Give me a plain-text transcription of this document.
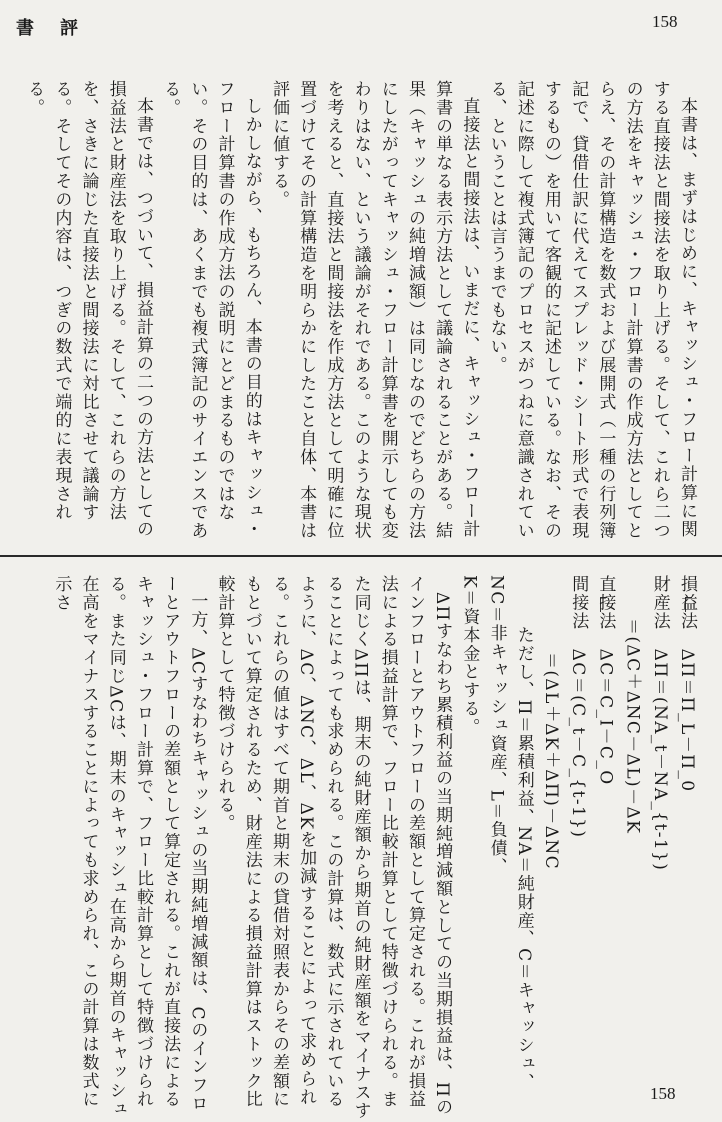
書評	158

本書は、まずはじめに、キャッシュ・フロー計算に関する直接法と間接法を取り上げる。そして、これら二つの方法をキャッシュ・フロー計算書の作成方法としてとらえ、その計算構造を数式および展開式（一種の行列簿記で、貸借仕訳に代えてスプレッド・シート形式で表現するもの）を用いて客観的に記述している。なお、その記述に際して複式簿記のプロセスがつねに意識されている、ということは言うまでもない。

直接法と間接法は、いまだに、キャッシュ・フロー計算書の単なる表示方法として議論されることがある。結果（キャッシュの純増減額）は同じなのでどちらの方法にしたがってキャッシュ・フロー計算書を開示しても変わりはない、という議論がそれである。このような現状を考えると、直接法と間接法を作成方法として明確に位置づけてその計算構造を明らかにしたこと自体、本書は評価に値する。

しかしながら、もちろん、本書の目的はキャッシュ・フロー計算書の作成方法の説明にとどまるものではない。その目的は、あくまでも複式簿記のサイエンスである。

本書では、つづいて、損益計算の二つの方法としての損益法と財産法を取り上げる。そして、これらの方法を、さきに論じた直接法と間接法に対比させて議論する。そしてその内容は、つぎの数式で端的に表現される。

損益法　ΔΠ＝Π_L－Π_0

財産法　ΔΠ＝(NA_t－NA_{t-1})

＝(ΔC＋ΔNC－ΔL)－ΔK

直接法　ΔC＝C_I－C_O

間接法　ΔC＝(C_t－C_{t-1})

＝(ΔL＋ΔK＋ΔΠ)－ΔNC

ただし、Π＝累積利益、NA＝純財産、C＝キャッシュ、NC＝非キャッシュ資産、L＝負債、

K＝資本金とする。

ΔΠすなわち累積利益の当期純増減額としての当期損益は、Πのインフローとアウトフローの差額として算定される。これが損益法による損益計算で、フロー比較計算として特徴づけられる。また同じくΔΠは、期末の純財産額から期首の純財産額をマイナスすることによっても求められる。この計算は、数式に示されているように、ΔC、ΔNC、ΔL、ΔKを加減することによって求められる。これらの値はすべて期首と期末の貸借対照表からその差額にもとづいて算定されるため、財産法による損益計算はストック比較計算として特徴づけられる。

一方、ΔCすなわちキャッシュの当期純増減額は、Cのインフローとアウトフローの差額として算定される。これが直接法によるキャッシュ・フロー計算で、フロー比較計算として特徴づけられる。また同じΔCは、期末のキャッシュ在高から期首のキャッシュ在高をマイナスすることによっても求められ、この計算は数式に示さ

158
